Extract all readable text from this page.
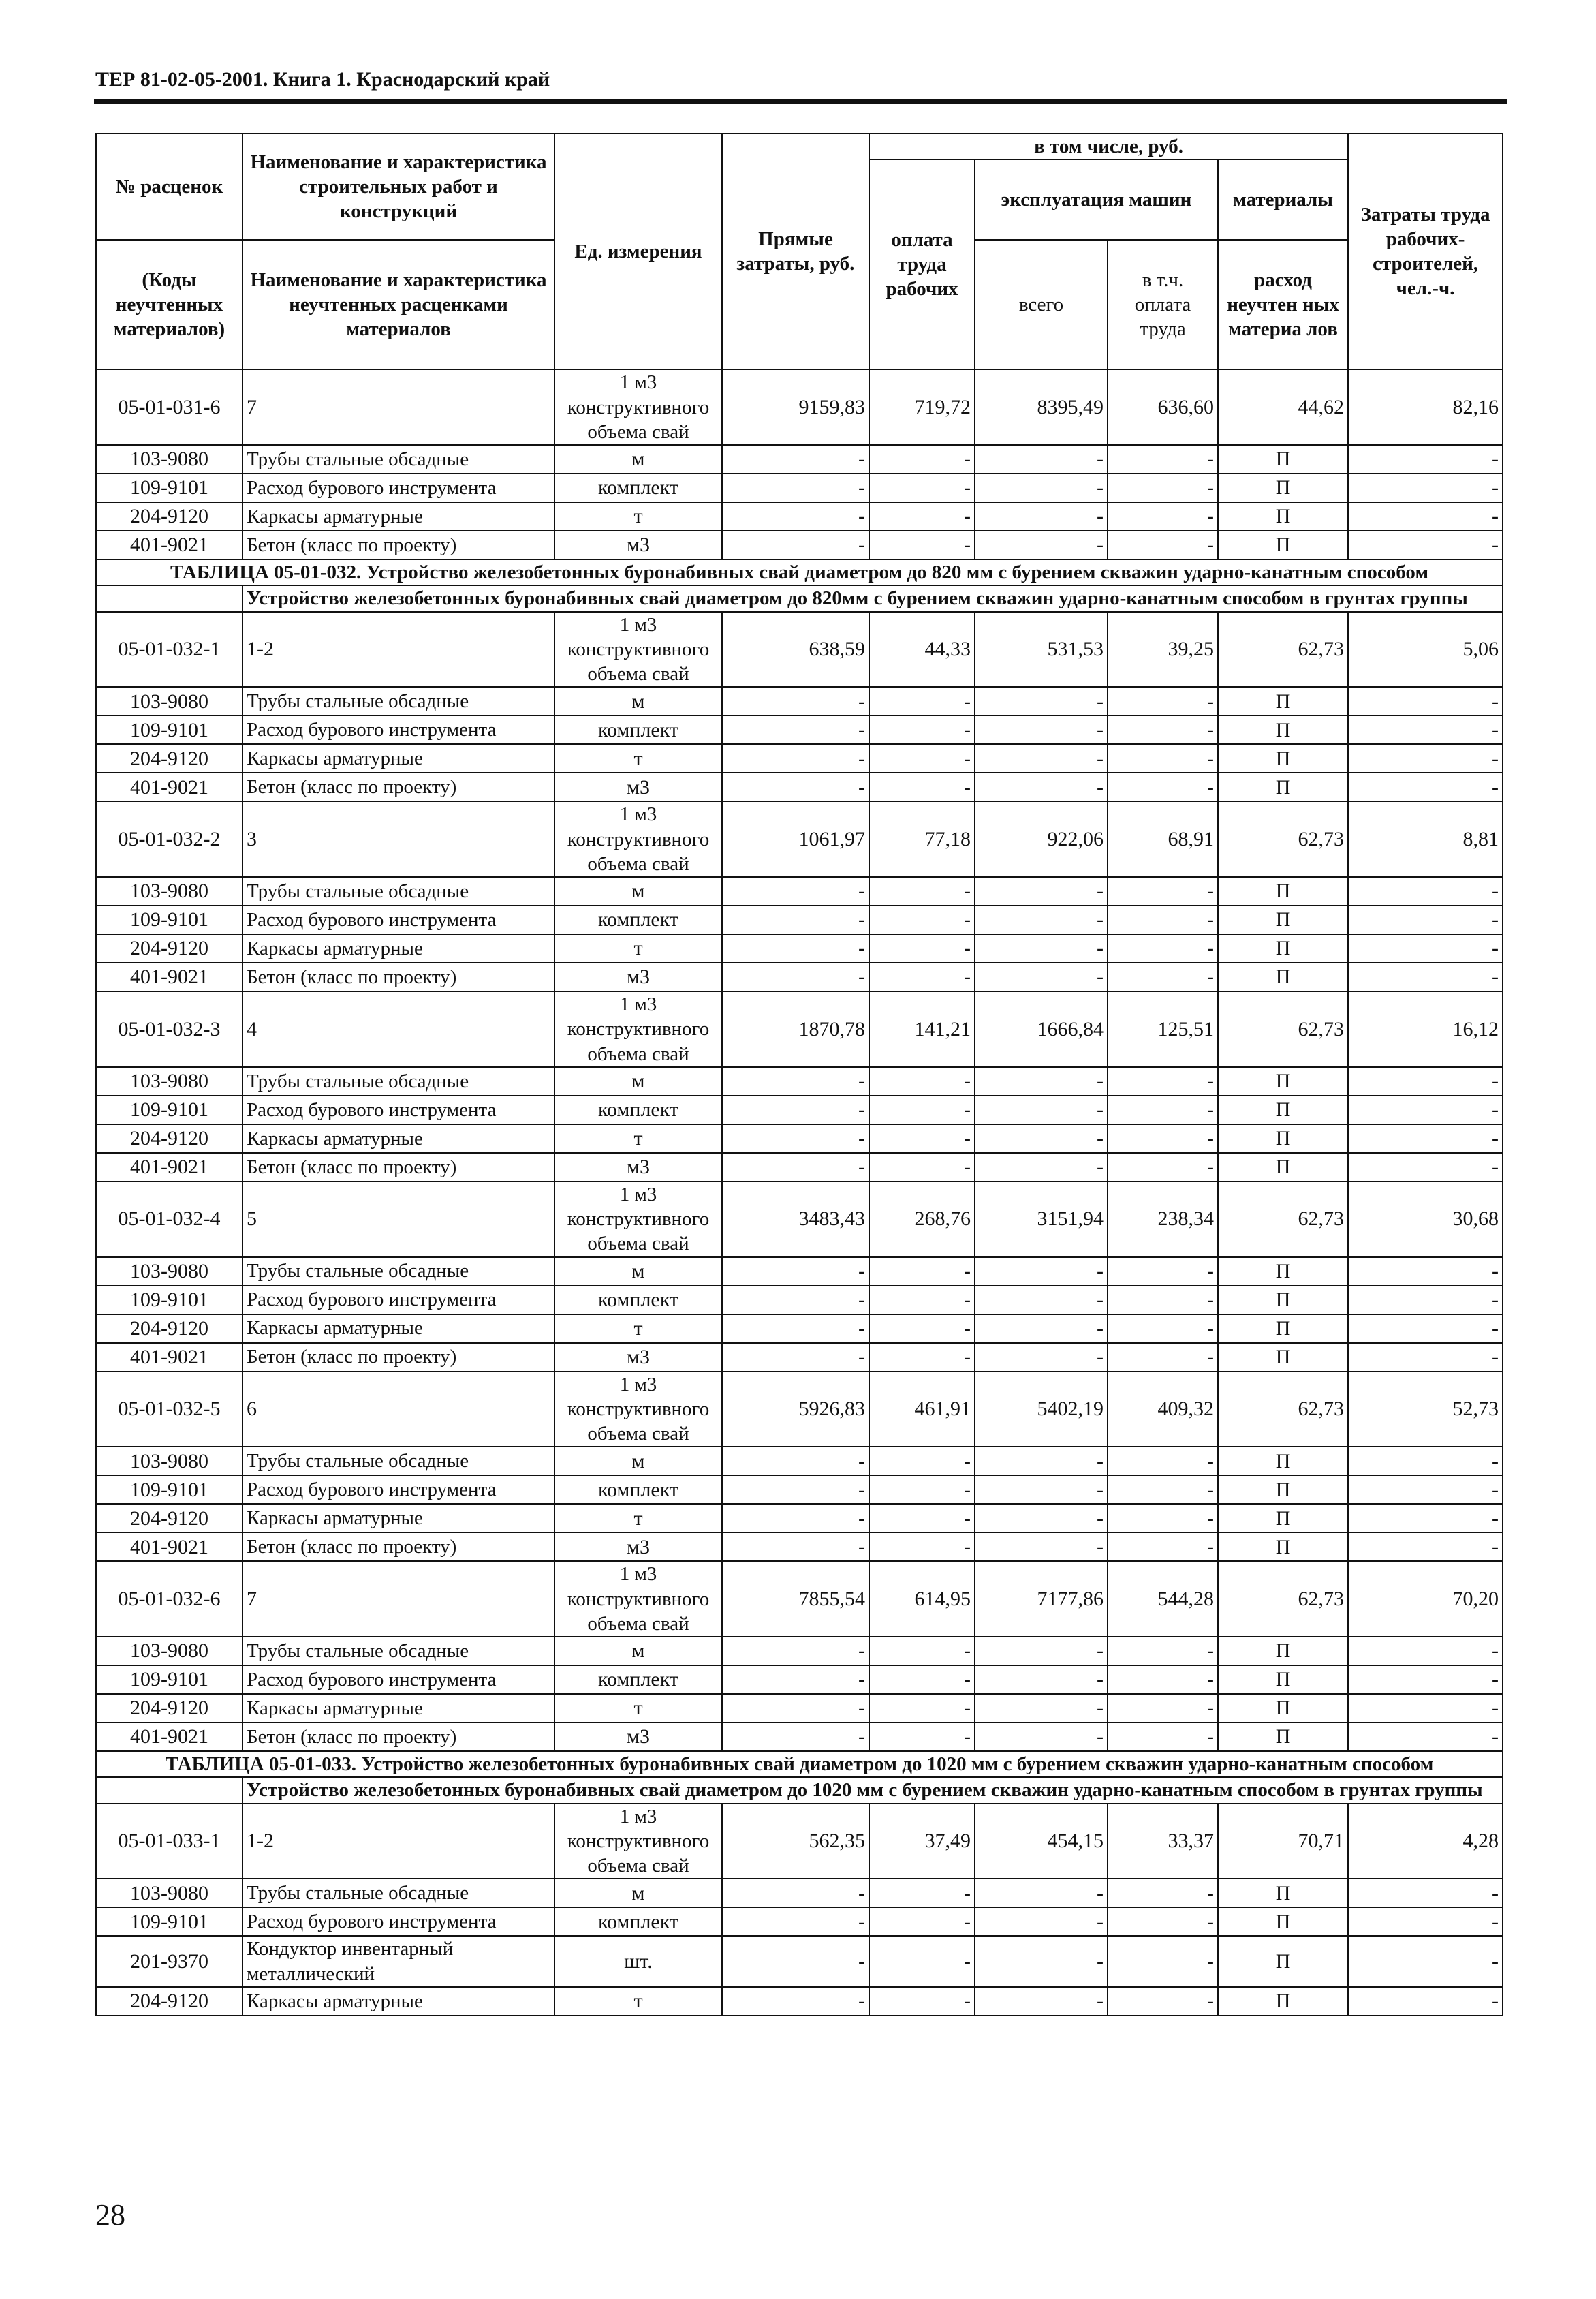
ТЕР 81-02-05-2001. Книга 1. Краснодарский край
№ расценок	Наименование и характеристика строительных работ и конструкций	Ед. измерения	Прямые затраты, руб.	в том числе, руб.				Затраты труда рабочих-строителей, чел.-ч.
				оплата труда рабочих	эксплуатация машин		материалы	
(Коды неучтенных материалов)	Наименование и характеристика неучтенных расценками материалов				всего	в т.ч. оплата труда	расход неучтен ных материа лов	

05-01-031-6	7	1 м3 конструктивного объема свай	9159,83	719,72	8395,49	636,60	44,62	82,16
103-9080	Трубы стальные обсадные	м	-	-	-	-	П	-
109-9101	Расход бурового инструмента	комплект	-	-	-	-	П	-
204-9120	Каркасы арматурные	т	-	-	-	-	П	-
401-9021	Бетон (класс по проекту)	м3	-	-	-	-	П	-
ТАБЛИЦА 05-01-032. Устройство железобетонных буронабивных свай диаметром до 820 мм с бурением скважин ударно-канатным способом								
	Устройство железобетонных буронабивных свай диаметром до 820мм с бурением скважин ударно-канатным способом в грунтах группы							
05-01-032-1	1-2	1 м3 конструктивного объема свай	638,59	44,33	531,53	39,25	62,73	5,06
103-9080	Трубы стальные обсадные	м	-	-	-	-	П	-
109-9101	Расход бурового инструмента	комплект	-	-	-	-	П	-
204-9120	Каркасы арматурные	т	-	-	-	-	П	-
401-9021	Бетон (класс по проекту)	м3	-	-	-	-	П	-
05-01-032-2	3	1 м3 конструктивного объема свай	1061,97	77,18	922,06	68,91	62,73	8,81
103-9080	Трубы стальные обсадные	м	-	-	-	-	П	-
109-9101	Расход бурового инструмента	комплект	-	-	-	-	П	-
204-9120	Каркасы арматурные	т	-	-	-	-	П	-
401-9021	Бетон (класс по проекту)	м3	-	-	-	-	П	-
05-01-032-3	4	1 м3 конструктивного объема свай	1870,78	141,21	1666,84	125,51	62,73	16,12
103-9080	Трубы стальные обсадные	м	-	-	-	-	П	-
109-9101	Расход бурового инструмента	комплект	-	-	-	-	П	-
204-9120	Каркасы арматурные	т	-	-	-	-	П	-
401-9021	Бетон (класс по проекту)	м3	-	-	-	-	П	-
05-01-032-4	5	1 м3 конструктивного объема свай	3483,43	268,76	3151,94	238,34	62,73	30,68
103-9080	Трубы стальные обсадные	м	-	-	-	-	П	-
109-9101	Расход бурового инструмента	комплект	-	-	-	-	П	-
204-9120	Каркасы арматурные	т	-	-	-	-	П	-
401-9021	Бетон (класс по проекту)	м3	-	-	-	-	П	-
05-01-032-5	6	1 м3 конструктивного объема свай	5926,83	461,91	5402,19	409,32	62,73	52,73
103-9080	Трубы стальные обсадные	м	-	-	-	-	П	-
109-9101	Расход бурового инструмента	комплект	-	-	-	-	П	-
204-9120	Каркасы арматурные	т	-	-	-	-	П	-
401-9021	Бетон (класс по проекту)	м3	-	-	-	-	П	-
05-01-032-6	7	1 м3 конструктивного объема свай	7855,54	614,95	7177,86	544,28	62,73	70,20
103-9080	Трубы стальные обсадные	м	-	-	-	-	П	-
109-9101	Расход бурового инструмента	комплект	-	-	-	-	П	-
204-9120	Каркасы арматурные	т	-	-	-	-	П	-
401-9021	Бетон (класс по проекту)	м3	-	-	-	-	П	-
ТАБЛИЦА 05-01-033. Устройство железобетонных буронабивных свай диаметром до 1020 мм с бурением скважин ударно-канатным способом								
	Устройство железобетонных буронабивных свай диаметром до 1020 мм с бурением скважин ударно-канатным способом в грунтах группы							
05-01-033-1	1-2	1 м3 конструктивного объема свай	562,35	37,49	454,15	33,37	70,71	4,28
103-9080	Трубы стальные обсадные	м	-	-	-	-	П	-
109-9101	Расход бурового инструмента	комплект	-	-	-	-	П	-
201-9370	Кондуктор инвентарный металлический	шт.	-	-	-	-	П	-
204-9120	Каркасы арматурные	т	-	-	-	-	П	-
28
